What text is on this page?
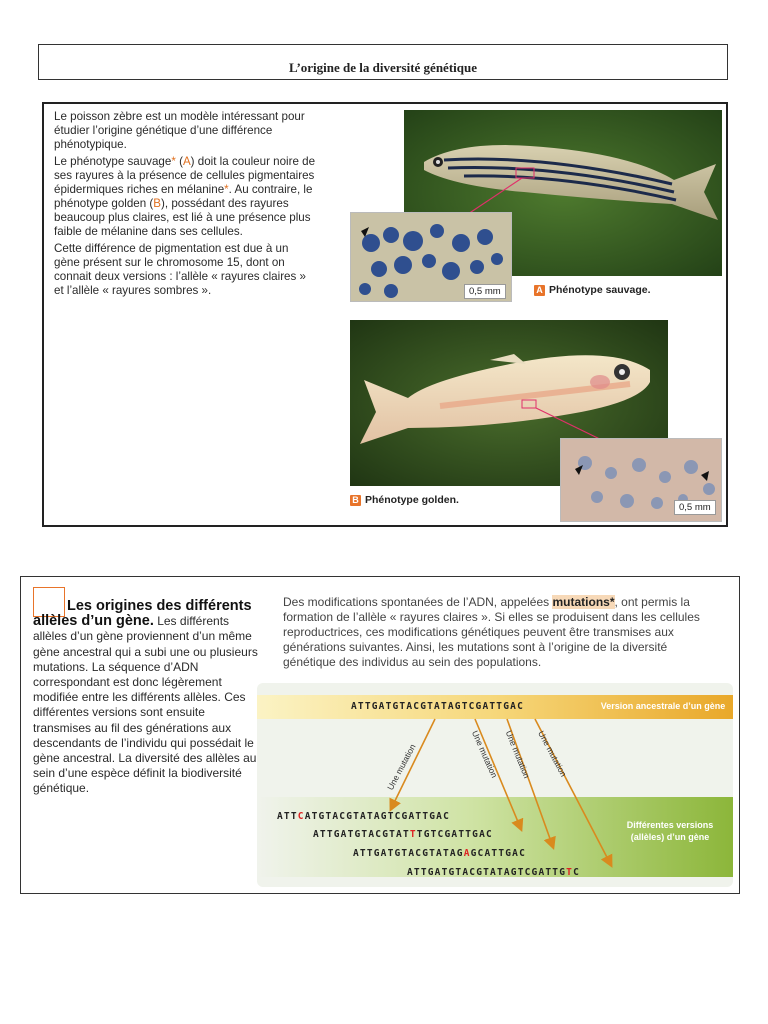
L’origine de la diversité génétique

Le poisson zèbre est un modèle intéressant pour étudier l’origine génétique d’une différence phénotypique.

Le phénotype sauvage* (A) doit la couleur noire de ses rayures à la présence de cellules pigmentaires épidermiques riches en mélanine*. Au contraire, le phénotype golden (B), possédant des rayures beaucoup plus claires, est lié à une présence plus faible de mélanine dans ses cellules.

Cette différence de pigmentation est due à un gène présent sur le chromosome 15, dont on connait deux versions : l’allèle « rayures claires » et l’allèle « rayures sombres ».	0,5 mm	A Phénotype sauvage.
0,5 mm
B Phénotype golden.
Les origines des différents allèles d’un gène. Les différents allèles d’un gène proviennent d’un même gène ancestral qui a subi une ou plusieurs mutations. La séquence d’ADN correspondant est donc légèrement modifiée entre les différents allèles. Ces différentes versions sont ensuite transmises au fil des générations aux descendants de l’individu qui possédait le gène ancestral. La diversité des allèles au sein d’une espèce définit la biodiversité génétique.
Des modifications spontanées de l’ADN, appelées mutations*, ont permis la formation de l’allèle « rayures claires ». Si elles se produisent dans les cellules reproductrices, ces modifications génétiques peuvent être transmises aux générations suivantes. Ainsi, les mutations sont à l’origine de la diversité génétique des individus au sein des populations.
ATTGATGTACGTATAGTCGATTGAC	Version ancestrale d’un gène
Une mutation	Une mutation Une mutation Une mutation
ATTCATGTACGTATAGTCGATTGAC
ATTGATGTACGTATTTGTCGATTGAC
ATTGATGTACGTATAGAGCATTGAC
ATTGATGTACGTATAGTCGATTGTC
Différentes versions (allèles) d’un gène
